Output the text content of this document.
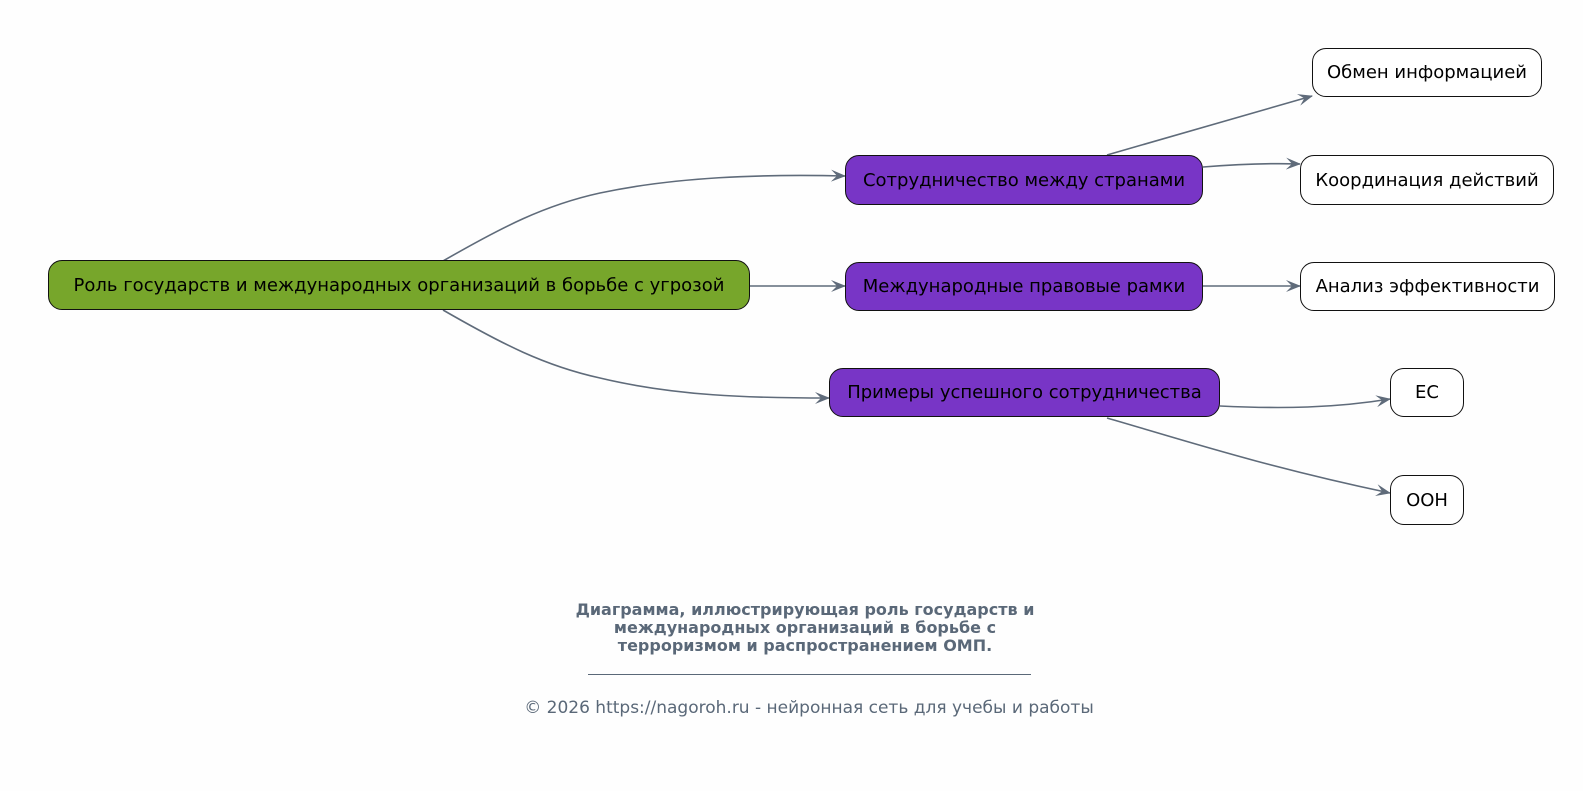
Роль государств и международных организаций в борьбе с угрозой
Сотрудничество между странами
Международные правовые рамки
Примеры успешного сотрудничества
Обмен информацией
Координация действий
Анализ эффективности
ЕС
ООН
Диаграмма, иллюстрирующая роль государств и
международных организаций в борьбе с
терроризмом и распространением ОМП.
© 2026 https://nagoroh.ru - нейронная сеть для учебы и работы
